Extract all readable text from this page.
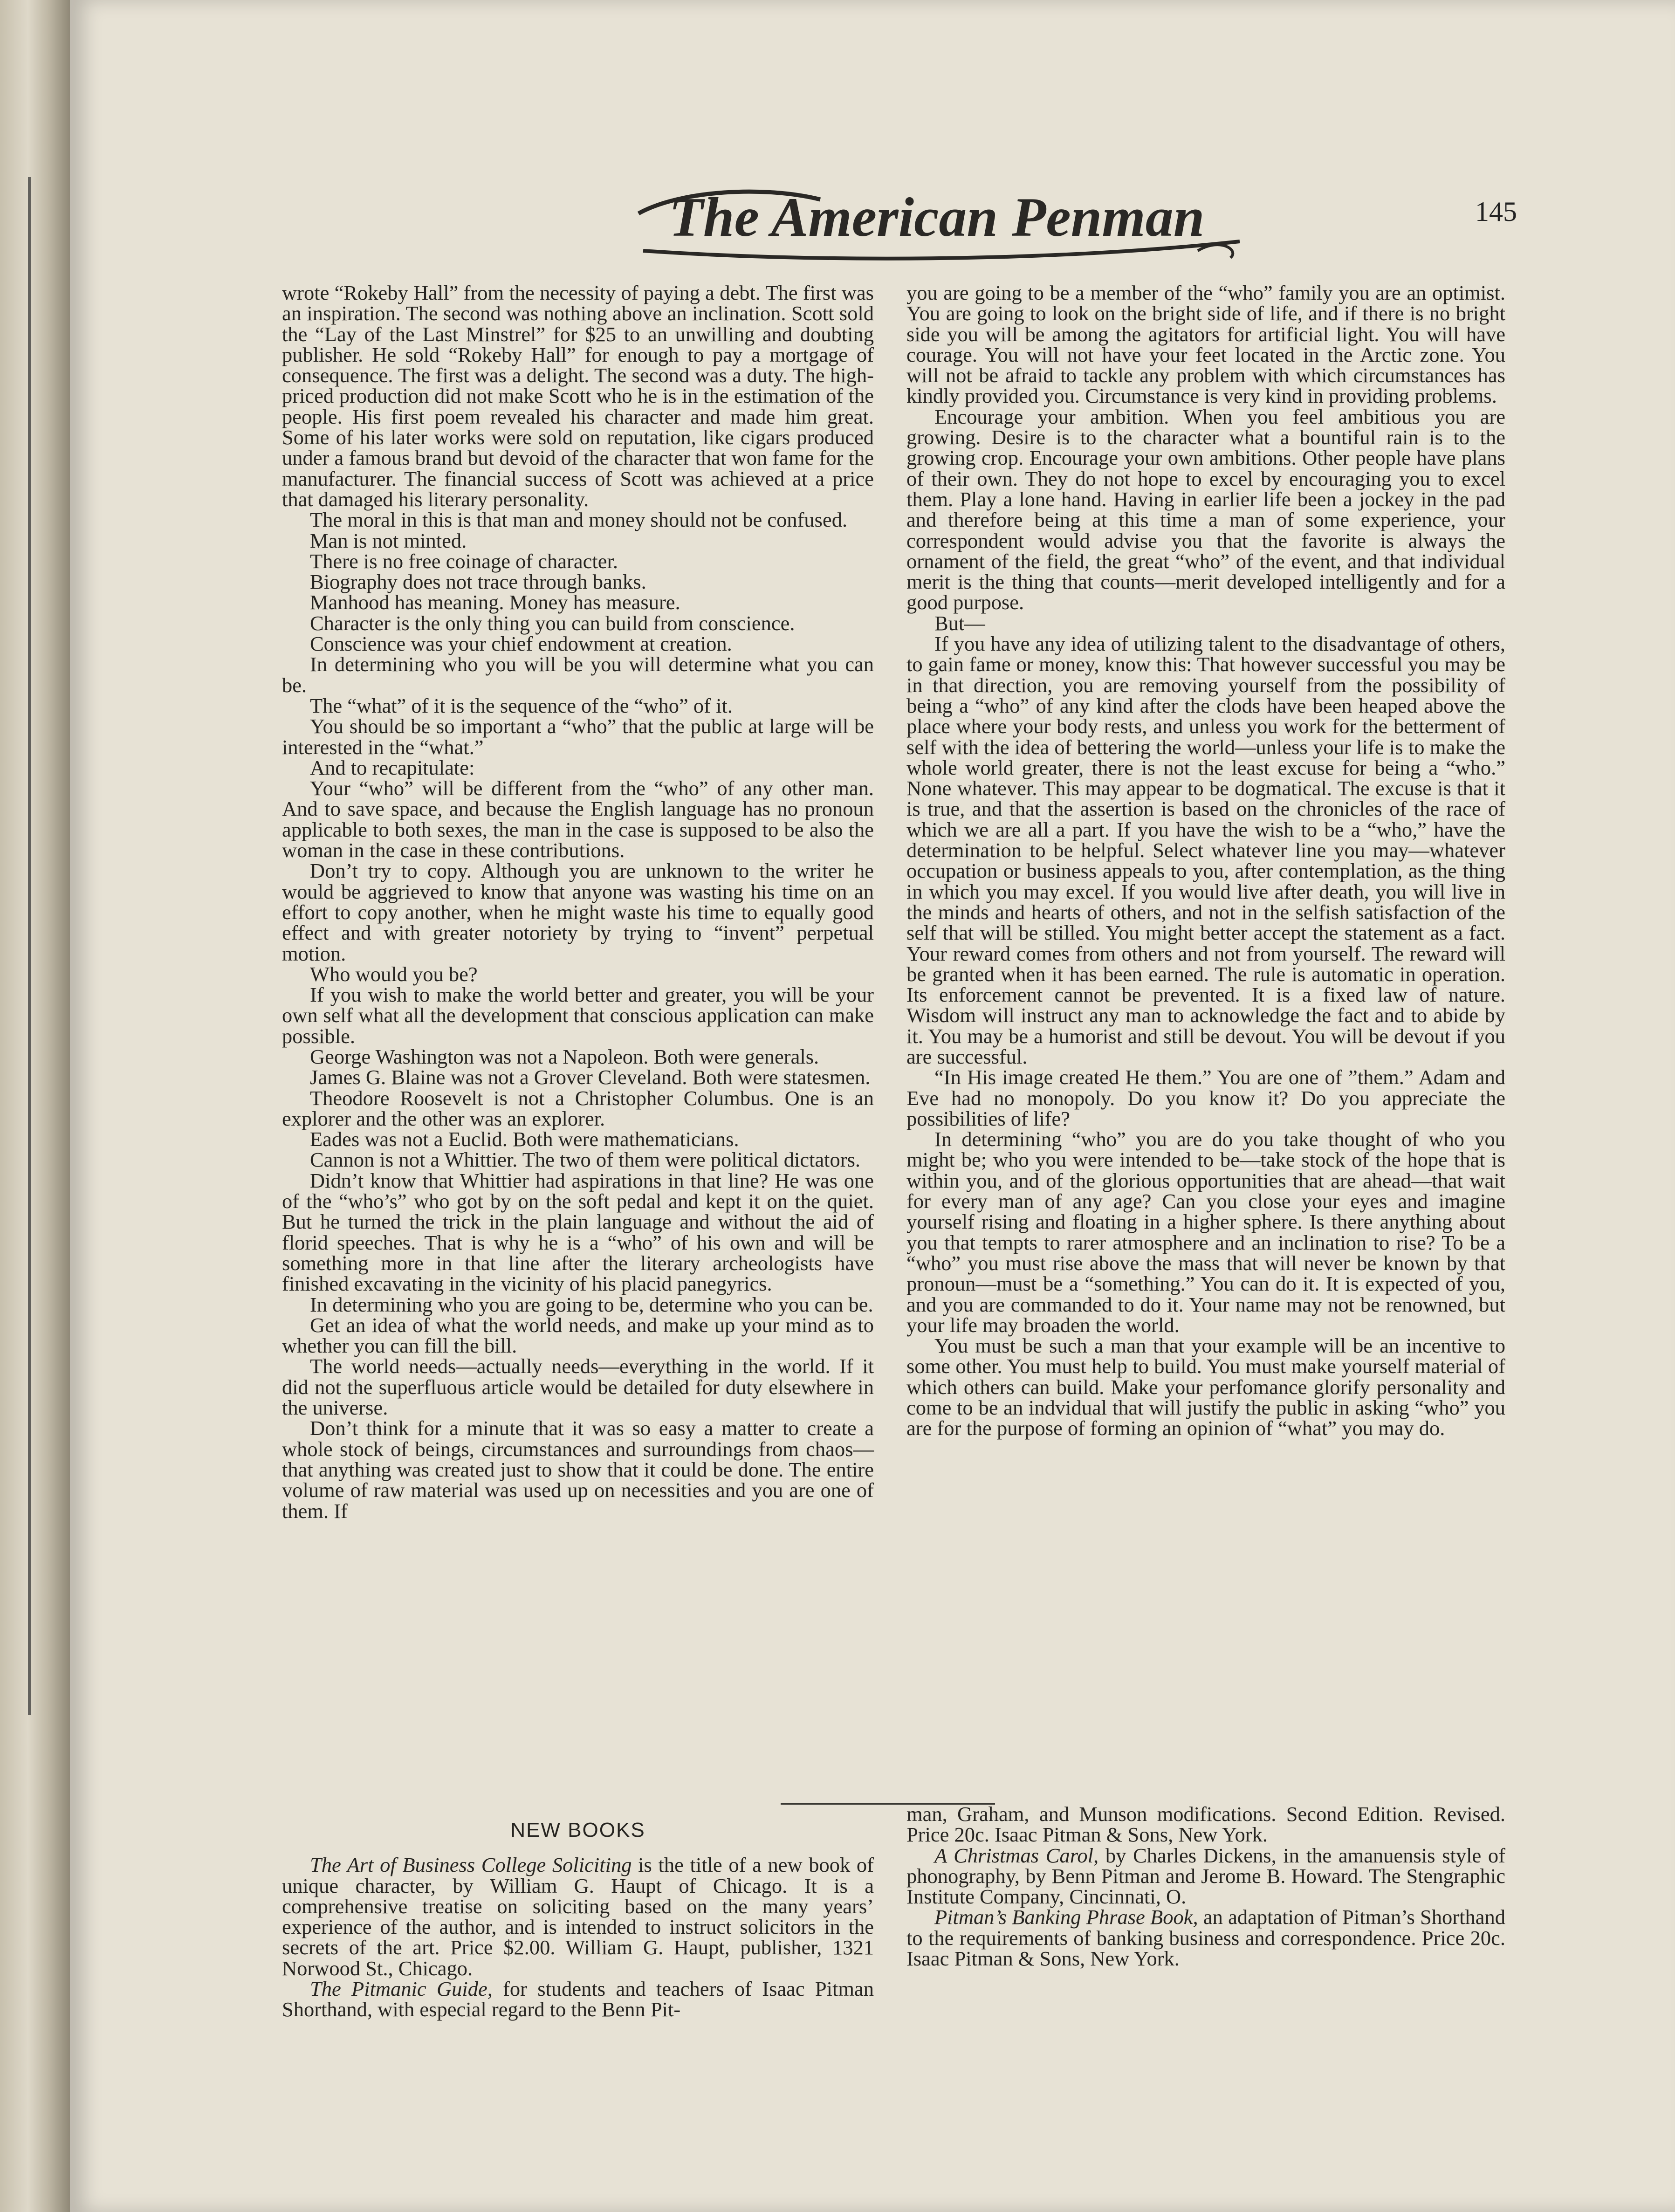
The American Penman	145

wrote “Rokeby Hall” from the necessity of paying a debt. The first was an inspiration. The second was nothing above an inclination. Scott sold the “Lay of the Last Minstrel” for $25 to an unwilling and doubting publisher. He sold “Rokeby Hall” for enough to pay a mortgage of consequence. The first was a delight. The second was a duty. The high-priced production did not make Scott who he is in the estimation of the people. His first poem revealed his character and made him great. Some of his later works were sold on reputation, like cigars produced under a famous brand but devoid of the character that won fame for the manufacturer. The financial success of Scott was achieved at a price that damaged his literary personality.

The moral in this is that man and money should not be confused.

Man is not minted.

There is no free coinage of character.

Biography does not trace through banks.

Manhood has meaning. Money has measure.

Character is the only thing you can build from conscience.

Conscience was your chief endowment at creation.

In determining who you will be you will determine what you can be.

The “what” of it is the sequence of the “who” of it.

You should be so important a “who” that the public at large will be interested in the “what.”

And to recapitulate:

Your “who” will be different from the “who” of any other man. And to save space, and because the English language has no pronoun applicable to both sexes, the man in the case is supposed to be also the woman in the case in these contributions.

Don’t try to copy. Although you are unknown to the writer he would be aggrieved to know that anyone was wasting his time on an effort to copy another, when he might waste his time to equally good effect and with greater notoriety by trying to “invent” perpetual motion.

Who would you be?

If you wish to make the world better and greater, you will be your own self what all the development that conscious application can make possible.

George Washington was not a Napoleon. Both were generals.

James G. Blaine was not a Grover Cleveland. Both were statesmen.

Theodore Roosevelt is not a Christopher Columbus. One is an explorer and the other was an explorer.

Eades was not a Euclid. Both were mathematicians.

Cannon is not a Whittier. The two of them were political dictators.

Didn’t know that Whittier had aspirations in that line? He was one of the “who’s” who got by on the soft pedal and kept it on the quiet. But he turned the trick in the plain language and without the aid of florid speeches. That is why he is a “who” of his own and will be something more in that line after the literary archeologists have finished excavating in the vicinity of his placid panegyrics.

In determining who you are going to be, determine who you can be.

Get an idea of what the world needs, and make up your mind as to whether you can fill the bill.

The world needs—actually needs—everything in the world. If it did not the superfluous article would be detailed for duty elsewhere in the universe.

Don’t think for a minute that it was so easy a matter to create a whole stock of beings, circumstances and surroundings from chaos—that anything was created just to show that it could be done. The entire volume of raw material was used up on necessities and you are one of them. If

you are going to be a member of the “who” family you are an optimist. You are going to look on the bright side of life, and if there is no bright side you will be among the agitators for artificial light. You will have courage. You will not have your feet located in the Arctic zone. You will not be afraid to tackle any problem with which circumstances has kindly provided you. Circumstance is very kind in providing problems.

Encourage your ambition. When you feel ambitious you are growing. Desire is to the character what a bountiful rain is to the growing crop. Encourage your own ambitions. Other people have plans of their own. They do not hope to excel by encouraging you to excel them. Play a lone hand. Having in earlier life been a jockey in the pad and therefore being at this time a man of some experience, your correspondent would advise you that the favorite is always the ornament of the field, the great “who” of the event, and that individual merit is the thing that counts—merit developed intelligently and for a good purpose.

But—

If you have any idea of utilizing talent to the disadvantage of others, to gain fame or money, know this: That however successful you may be in that direction, you are removing yourself from the possibility of being a “who” of any kind after the clods have been heaped above the place where your body rests, and unless you work for the betterment of self with the idea of bettering the world—unless your life is to make the whole world greater, there is not the least excuse for being a “who.” None whatever. This may appear to be dogmatical. The excuse is that it is true, and that the assertion is based on the chronicles of the race of which we are all a part. If you have the wish to be a “who,” have the determination to be helpful. Select whatever line you may—whatever occupation or business appeals to you, after contemplation, as the thing in which you may excel. If you would live after death, you will live in the minds and hearts of others, and not in the selfish satisfaction of the self that will be stilled. You might better accept the statement as a fact. Your reward comes from others and not from yourself. The reward will be granted when it has been earned. The rule is automatic in operation. Its enforcement cannot be prevented. It is a fixed law of nature. Wisdom will instruct any man to acknowledge the fact and to abide by it. You may be a humorist and still be devout. You will be devout if you are successful.

“In His image created He them.” You are one of ”them.” Adam and Eve had no monopoly. Do you know it? Do you appreciate the possibilities of life?

In determining “who” you are do you take thought of who you might be; who you were intended to be—take stock of the hope that is within you, and of the glorious opportunities that are ahead—that wait for every man of any age? Can you close your eyes and imagine yourself rising and floating in a higher sphere. Is there anything about you that tempts to rarer atmosphere and an inclination to rise? To be a “who” you must rise above the mass that will never be known by that pronoun—must be a “something.” You can do it. It is expected of you, and you are commanded to do it. Your name may not be renowned, but your life may broaden the world.

You must be such a man that your example will be an incentive to some other. You must help to build. You must make yourself material of which others can build. Make your perfomance glorify personality and come to be an indvidual that will justify the public in asking “who” you are for the purpose of forming an opinion of “what” you may do.

NEW BOOKS

The Art of Business College Soliciting is the title of a new book of unique character, by William G. Haupt of Chicago. It is a comprehensive treatise on soliciting based on the many years’ experience of the author, and is intended to instruct solicitors in the secrets of the art. Price $2.00. William G. Haupt, publisher, 1321 Norwood St., Chicago.

The Pitmanic Guide, for students and teachers of Isaac Pitman Shorthand, with especial regard to the Benn Pit-

man, Graham, and Munson modifications. Second Edition. Revised. Price 20c. Isaac Pitman & Sons, New York.

A Christmas Carol, by Charles Dickens, in the amanuensis style of phonography, by Benn Pitman and Jerome B. Howard. The Stengraphic Institute Company, Cincinnati, O.

Pitman’s Banking Phrase Book, an adaptation of Pitman’s Shorthand to the requirements of banking business and correspondence. Price 20c. Isaac Pitman & Sons, New York.
